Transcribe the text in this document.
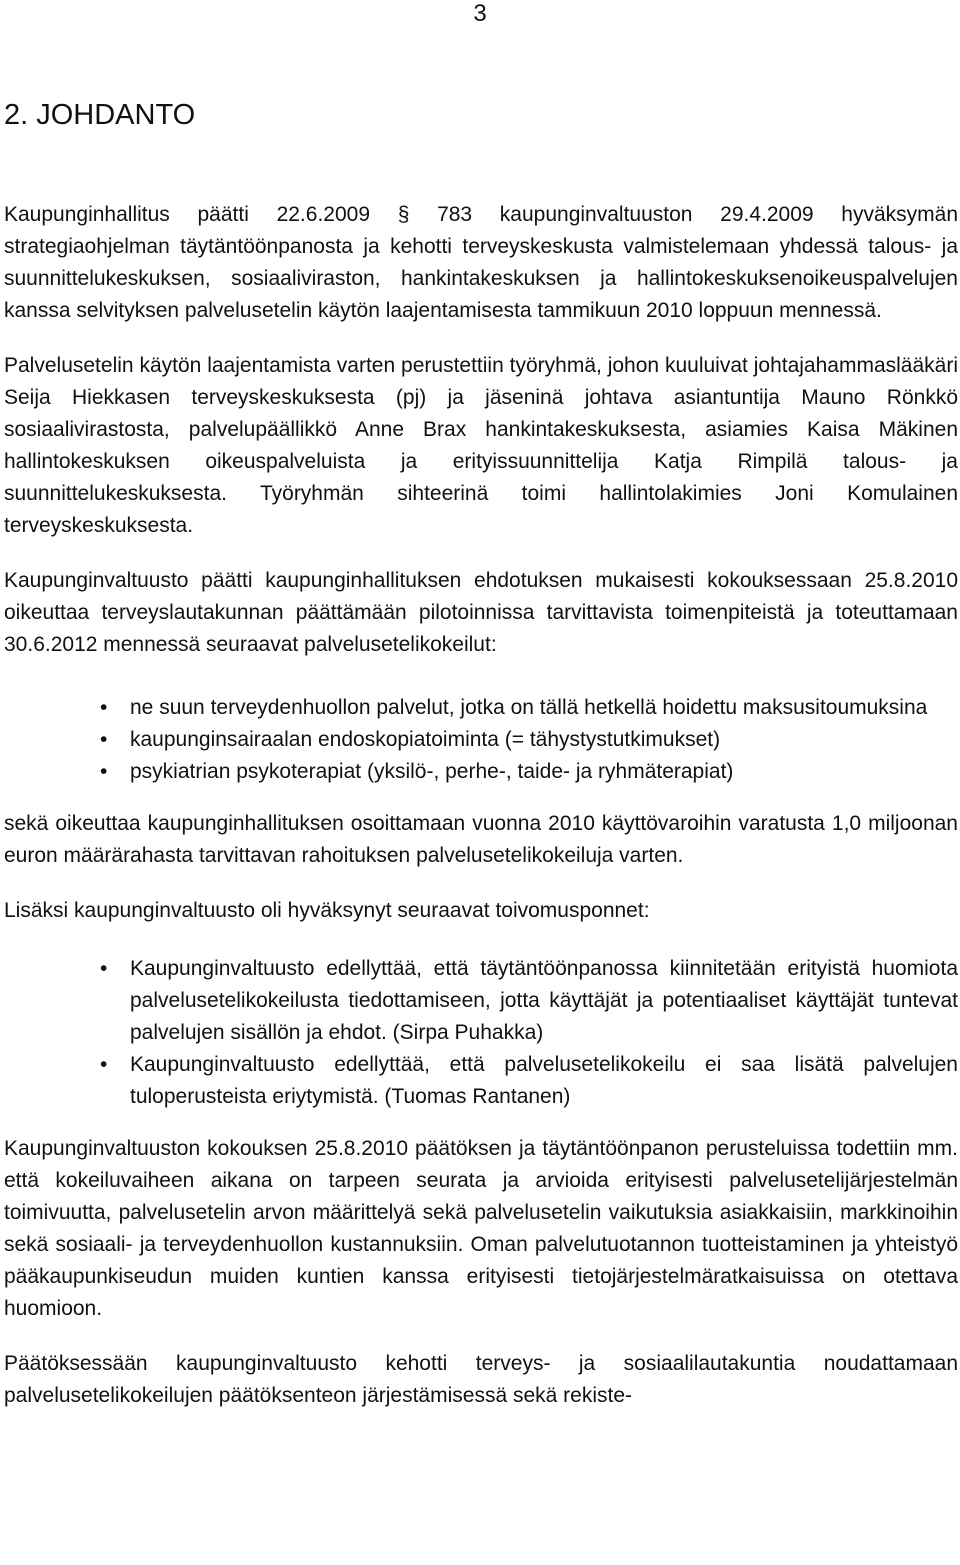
3
2. JOHDANTO

Kaupunginhallitus päätti 22.6.2009 § 783 kaupunginvaltuuston 29.4.2009 hyväksymän strategiaohjelman täytäntöönpanosta ja kehotti terveyskeskusta valmistelemaan yhdessä talous- ja suunnittelukeskuksen, sosiaaliviraston, hankintakeskuksen ja hallintokeskuksenoikeuspalvelujen kanssa selvityksen palvelusetelin käytön laajentamisesta tammikuun 2010 loppuun mennessä.

Palvelusetelin käytön laajentamista varten perustettiin työryhmä, johon kuuluivat johtajahammaslääkäri Seija Hiekkasen terveyskeskuksesta (pj) ja jäseninä johtava asiantuntija Mauno Rönkkö sosiaalivirastosta, palvelupäällikkö Anne Brax hankintakeskuksesta, asiamies Kaisa Mäkinen hallintokeskuksen oikeuspalveluista ja erityissuunnittelija Katja Rimpilä talous- ja suunnittelukeskuksesta. Työryhmän sihteerinä toimi hallintolakimies Joni Komulainen terveyskeskuksesta.

Kaupunginvaltuusto päätti kaupunginhallituksen ehdotuksen mukaisesti kokouksessaan 25.8.2010 oikeuttaa terveyslautakunnan päättämään pilotoinnissa tarvittavista toimenpiteistä ja toteuttamaan 30.6.2012 mennessä seuraavat palvelusetelikokeilut:

• ne suun terveydenhuollon palvelut, jotka on tällä hetkellä hoidettu maksusitoumuksina
• kaupunginsairaalan endoskopiatoiminta (= tähystystutkimukset)
• psykiatrian psykoterapiat (yksilö-, perhe-, taide- ja ryhmäterapiat)

sekä oikeuttaa kaupunginhallituksen osoittamaan vuonna 2010 käyttövaroihin varatusta 1,0 miljoonan euron määrärahasta tarvittavan rahoituksen palvelusetelikokeiluja varten.

Lisäksi kaupunginvaltuusto oli hyväksynyt seuraavat toivomusponnet:

• Kaupunginvaltuusto edellyttää, että täytäntöönpanossa kiinnitetään erityistä huomiota palvelusetelikokeilusta tiedottamiseen, jotta käyttäjät ja potentiaaliset käyttäjät tuntevat palvelujen sisällön ja ehdot. (Sirpa Puhakka)
• Kaupunginvaltuusto edellyttää, että palvelusetelikokeilu ei saa lisätä palvelujen tuloperusteista eriytymistä. (Tuomas Rantanen)

Kaupunginvaltuuston kokouksen 25.8.2010 päätöksen ja täytäntöönpanon perusteluissa todettiin mm. että kokeiluvaiheen aikana on tarpeen seurata ja arvioida erityisesti palvelusetelijärjestelmän toimivuutta, palvelusetelin arvon määrittelyä sekä palvelusetelin vaikutuksia asiakkaisiin, markkinoihin sekä sosiaali- ja terveydenhuollon kustannuksiin. Oman palvelutuotannon tuotteistaminen ja yhteistyö pääkaupunkiseudun muiden kuntien kanssa erityisesti tietojärjestelmäratkaisuissa on otettava huomioon.

Päätöksessään kaupunginvaltuusto kehotti terveys- ja sosiaalilautakuntia noudattamaan palvelusetelikokeilujen päätöksenteon järjestämisessä sekä rekiste-
